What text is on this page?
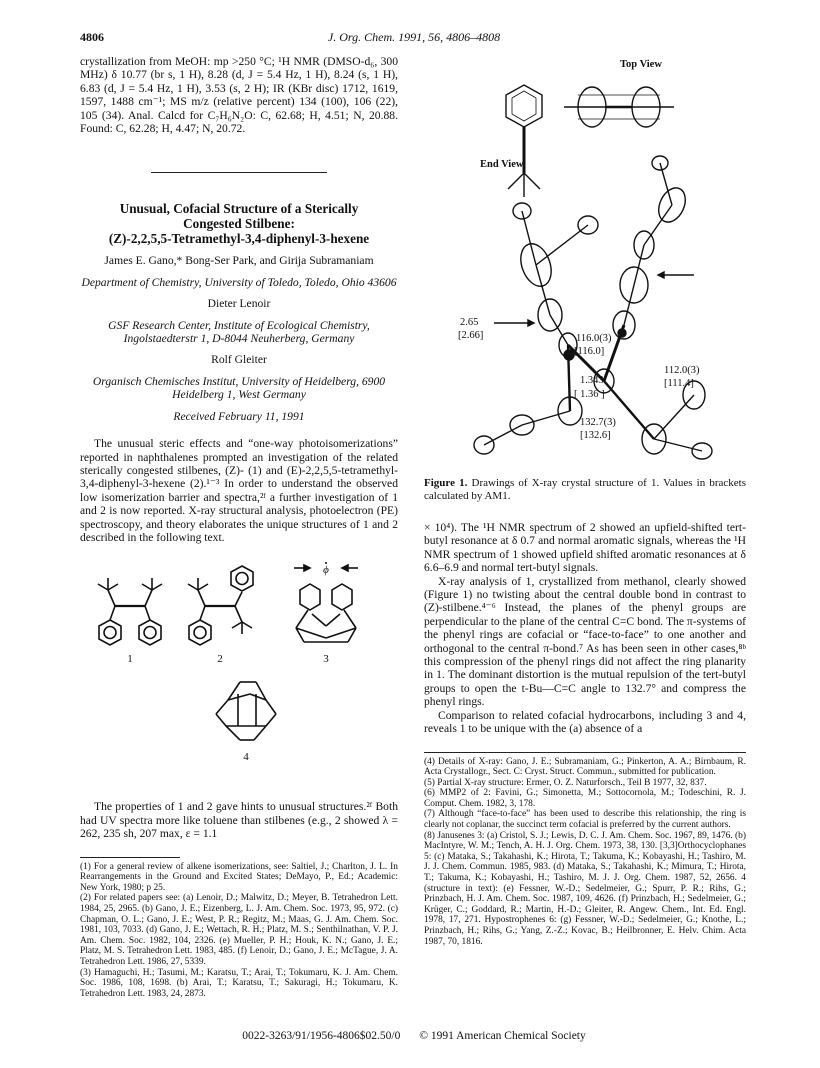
4806	J. Org. Chem. 1991, 56, 4806–4808

crystallization from MeOH: mp >250 °C; ¹H NMR (DMSO-d₆, 300 MHz) δ 10.77 (br s, 1 H), 8.28 (d, J = 5.4 Hz, 1 H), 8.24 (s, 1 H), 6.83 (d, J = 5.4 Hz, 1 H), 3.53 (s, 2 H); IR (KBr disc) 1712, 1619, 1597, 1488 cm⁻¹; MS m/z (relative percent) 134 (100), 106 (22), 105 (34). Anal. Calcd for C₇H₆N₂O: C, 62.68; H, 4.51; N, 20.88. Found: C, 62.28; H, 4.47; N, 20.72.

Unusual, Cofacial Structure of a Sterically

Congested Stilbene:

(Z)-2,2,5,5-Tetramethyl-3,4-diphenyl-3-hexene

James E. Gano,* Bong-Ser Park, and Girija Subramaniam

Department of Chemistry, University of Toledo, Toledo, Ohio 43606

Dieter Lenoir

GSF Research Center, Institute of Ecological Chemistry, Ingolstaedterstr 1, D-8044 Neuherberg, Germany

Rolf Gleiter

Organisch Chemisches Institut, University of Heidelberg, 6900 Heidelberg 1, West Germany

Received February 11, 1991

The unusual steric effects and “one-way photoisomerizations” reported in naphthalenes prompted an investigation of the related sterically congested stilbenes, (Z)- (1) and (E)-2,2,5,5-tetramethyl-3,4-diphenyl-3-hexene (2).¹⁻³ In order to understand the observed low isomerization barrier and spectra,²ᶠ a further investigation of 1 and 2 is now reported. X-ray structural analysis, photoelectron (PE) spectroscopy, and theory elaborates the unique structures of 1 and 2 described in the following text.

1	2	3
ϕ
4

The properties of 1 and 2 gave hints to unusual structures.²ᶠ Both had UV spectra more like toluene than stilbenes (e.g., 2 showed λ = 262, 235 sh, 207 max, ε = 1.1

(1) For a general review of alkene isomerizations, see: Saltiel, J.; Charlton, J. L. In Rearrangements in the Ground and Excited States; DeMayo, P., Ed.; Academic: New York, 1980; p 25.

(2) For related papers see: (a) Lenoir, D.; Malwitz, D.; Meyer, B. Tetrahedron Lett. 1984, 25, 2965. (b) Gano, J. E.; Eizenberg, L. J. Am. Chem. Soc. 1973, 95, 972. (c) Chapman, O. L.; Gano, J. E.; West, P. R.; Regitz, M.; Maas, G. J. Am. Chem. Soc. 1981, 103, 7033. (d) Gano, J. E.; Wettach, R. H.; Platz, M. S.; Senthilnathan, V. P. J. Am. Chem. Soc. 1982, 104, 2326. (e) Mueller, P. H.; Houk, K. N.; Gano, J. E.; Platz, M. S. Tetrahedron Lett. 1983, 485. (f) Lenoir, D.; Gano, J. E.; McTague, J. A. Tetrahedron Lett. 1986, 27, 5339.

(3) Hamaguchi, H.; Tasumi, M.; Karatsu, T.; Arai, T.; Tokumaru, K. J. Am. Chem. Soc. 1986, 108, 1698. (b) Arai, T.; Karatsu, T.; Sakuragi, H.; Tokumaru, K. Tetrahedron Lett. 1983, 24, 2873.

Top View
End View
2.65
[2.66]	116.0(3)
[116.0]
1.343
[ 1.36 ]
112.0(3)
[111.4]
132.7(3)
[132.6]

Figure 1. Drawings of X-ray crystal structure of 1. Values in brackets calculated by AM1.

× 10⁴). The ¹H NMR spectrum of 2 showed an upfield-shifted tert-butyl resonance at δ 0.7 and normal aromatic signals, whereas the ¹H NMR spectrum of 1 showed upfield shifted aromatic resonances at δ 6.6–6.9 and normal tert-butyl signals.

X-ray analysis of 1, crystallized from methanol, clearly showed (Figure 1) no twisting about the central double bond in contrast to (Z)-stilbene.⁴⁻⁶ Instead, the planes of the phenyl groups are perpendicular to the plane of the central C=C bond. The π-systems of the phenyl rings are cofacial or “face-to-face” to one another and orthogonal to the central π-bond.⁷ As has been seen in other cases,⁸ᵇ this compression of the phenyl rings did not affect the ring planarity in 1. The dominant distortion is the mutual repulsion of the tert-butyl groups to open the t-Bu—C=C angle to 132.7° and compress the phenyl rings.

Comparison to related cofacial hydrocarbons, including 3 and 4, reveals 1 to be unique with the (a) absence of a

(4) Details of X-ray: Gano, J. E.; Subramaniam, G.; Pinkerton, A. A.; Birnbaum, R. Acta Crystallogr., Sect. C: Cryst. Struct. Commun., submitted for publication.

(5) Partial X-ray structure: Ermer, O. Z. Naturforsch., Teil B 1977, 32, 837.

(6) MMP2 of 2: Favini, G.; Simonetta, M.; Sottocornola, M.; Todeschini, R. J. Comput. Chem. 1982, 3, 178.

(7) Although “face-to-face” has been used to describe this relationship, the ring is clearly not coplanar, the succinct term cofacial is preferred by the current authors.

(8) Janusenes 3: (a) Cristol, S. J.; Lewis, D. C. J. Am. Chem. Soc. 1967, 89, 1476. (b) MacIntyre, W. M.; Tench, A. H. J. Org. Chem. 1973, 38, 130. [3,3]Orthocyclophanes 5: (c) Mataka, S.; Takahashi, K.; Hirota, T.; Takuma, K.; Kobayashi, H.; Tashiro, M. J. J. Chem. Commun. 1985, 983. (d) Mataka, S.; Takahashi, K.; Mimura, T.; Hirota, T.; Takuma, K.; Kobayashi, H.; Tashiro, M. J. J. Org. Chem. 1987, 52, 2656. 4 (structure in text): (e) Fessner, W.-D.; Sedelmeier, G.; Spurr, P. R.; Rihs, G.; Prinzbach, H. J. Am. Chem. Soc. 1987, 109, 4626. (f) Prinzbach, H.; Sedelmeier, G.; Krüger, C.; Goddard, R.; Martin, H.-D.; Gleiter, R. Angew. Chem., Int. Ed. Engl. 1978, 17, 271. Hypostrophenes 6: (g) Fessner, W.-D.; Sedelmeier, G.; Knothe, L.; Prinzbach, H.; Rihs, G.; Yang, Z.-Z.; Kovac, B.; Heilbronner, E. Helv. Chim. Acta 1987, 70, 1816.

0022-3263/91/1956-4806$02.50/0 © 1991 American Chemical Society
